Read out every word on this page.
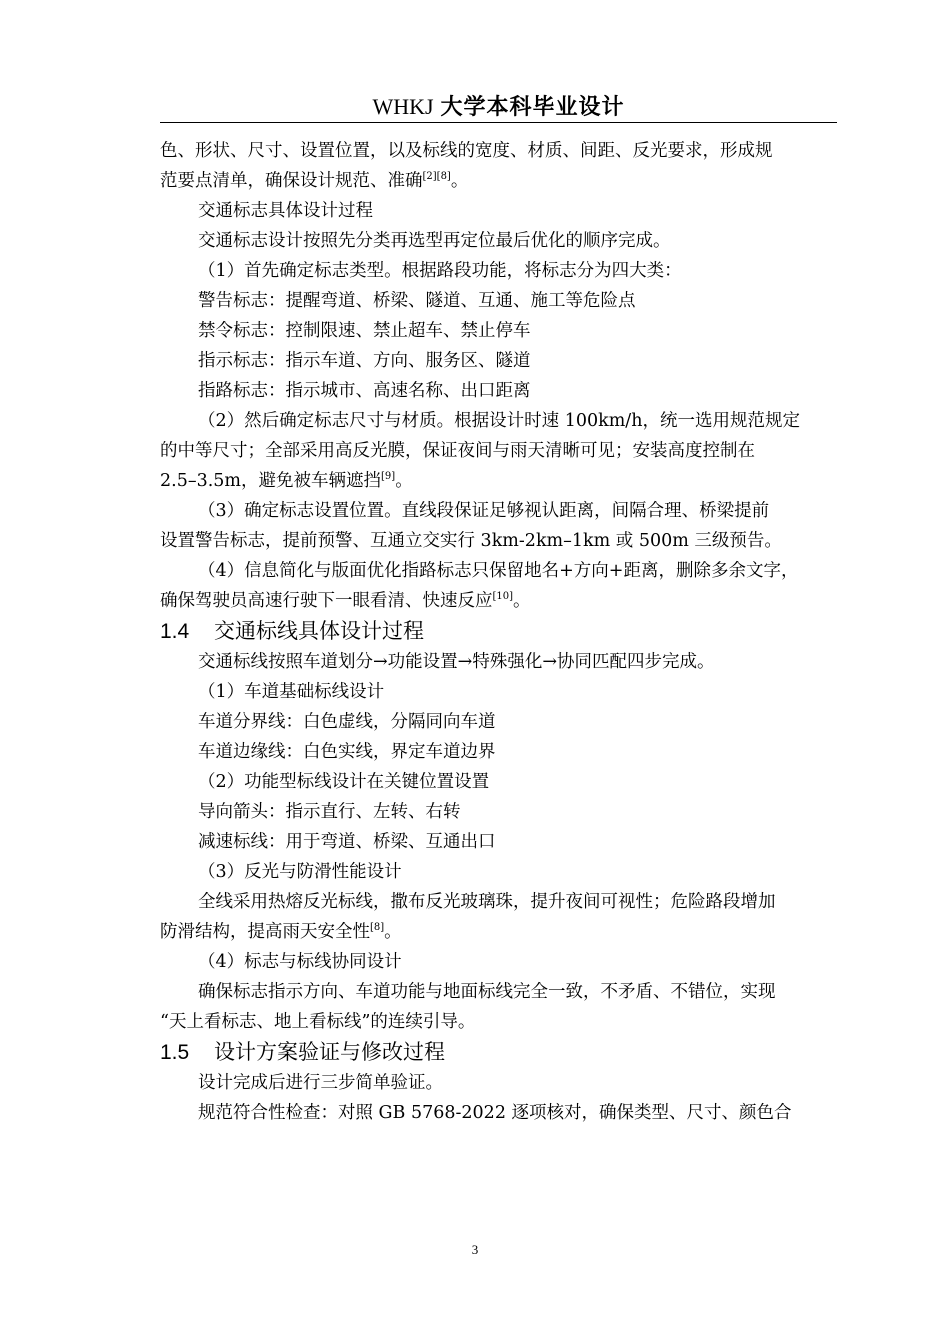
WHKJ 大学本科毕业设计

色、形状、尺寸、设置位置，以及标线的宽度、材质、间距、反光要求，形成规

范要点清单，确保设计规范、准确[2][8]。

交通标志具体设计过程

交通标志设计按照先分类再选型再定位最后优化的顺序完成。

（1）首先确定标志类型。根据路段功能，将标志分为四大类：

警告标志：提醒弯道、桥梁、隧道、互通、施工等危险点

禁令标志：控制限速、禁止超车、禁止停车

指示标志：指示车道、方向、服务区、隧道

指路标志：指示城市、高速名称、出口距离

（2）然后确定标志尺寸与材质。根据设计时速 100km/h，统一选用规范规定

的中等尺寸；全部采用高反光膜，保证夜间与雨天清晰可见；安装高度控制在

2.5–3.5m，避免被车辆遮挡[9]。

（3）确定标志设置位置。直线段保证足够视认距离，间隔合理、桥梁提前

设置警告标志，提前预警、互通立交实行 3km-2km–1km 或 500m 三级预告。

（4）信息简化与版面优化指路标志只保留地名+方向+距离，删除多余文字，

确保驾驶员高速行驶下一眼看清、快速反应[10]。

1.4 交通标线具体设计过程

交通标线按照车道划分→功能设置→特殊强化→协同匹配四步完成。

（1）车道基础标线设计

车道分界线：白色虚线，分隔同向车道

车道边缘线：白色实线，界定车道边界

（2）功能型标线设计在关键位置设置

导向箭头：指示直行、左转、右转

减速标线：用于弯道、桥梁、互通出口

（3）反光与防滑性能设计

全线采用热熔反光标线，撒布反光玻璃珠，提升夜间可视性；危险路段增加

防滑结构，提高雨天安全性[8]。

（4）标志与标线协同设计

确保标志指示方向、车道功能与地面标线完全一致，不矛盾、不错位，实现

“天上看标志、地上看标线”的连续引导。

1.5 设计方案验证与修改过程

设计完成后进行三步简单验证。

规范符合性检查：对照 GB 5768-2022 逐项核对，确保类型、尺寸、颜色合

3
